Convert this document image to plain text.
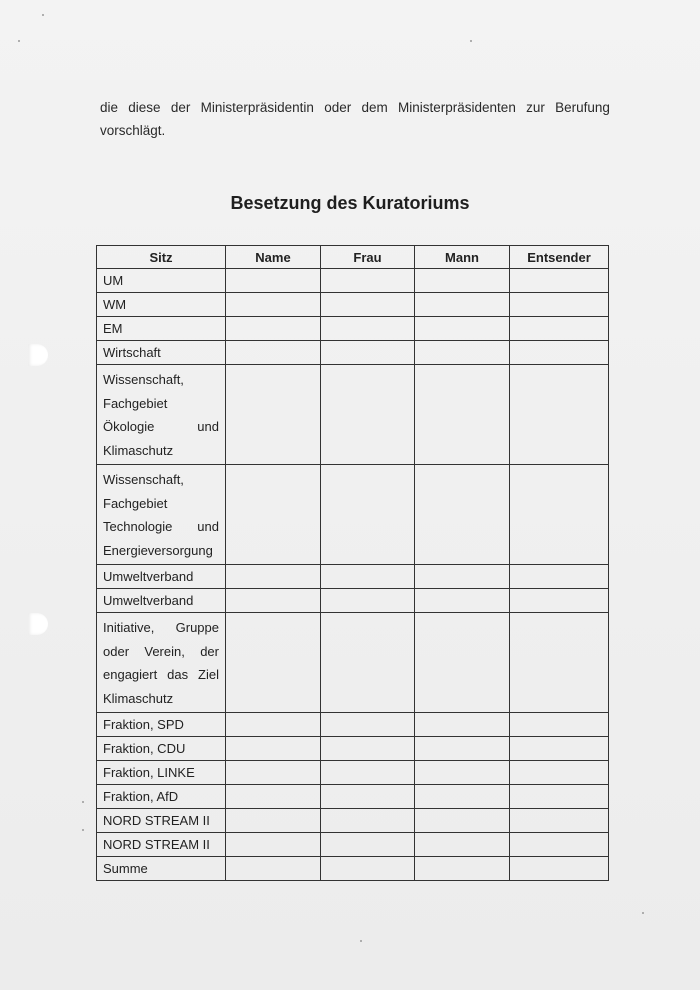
die diese der Ministerpräsidentin oder dem Ministerpräsidenten zur Berufung
vorschlägt.
Besetzung des Kuratoriums
Sitz	Name	Frau	Mann	Entsender
UM				
WM				
EM				
Wirtschaft				
Wissenschaft, Fachgebiet Ökologie und Klimaschutz				
Wissenschaft, Fachgebiet Technologie und Energieversorgung				
Umweltverband				
Umweltverband				
Initiative, Gruppe oder Verein, der engagiert das Ziel Klimaschutz				
Fraktion, SPD				
Fraktion, CDU				
Fraktion, LINKE				
Fraktion, AfD				
NORD STREAM II				
NORD STREAM II				
Summe				
